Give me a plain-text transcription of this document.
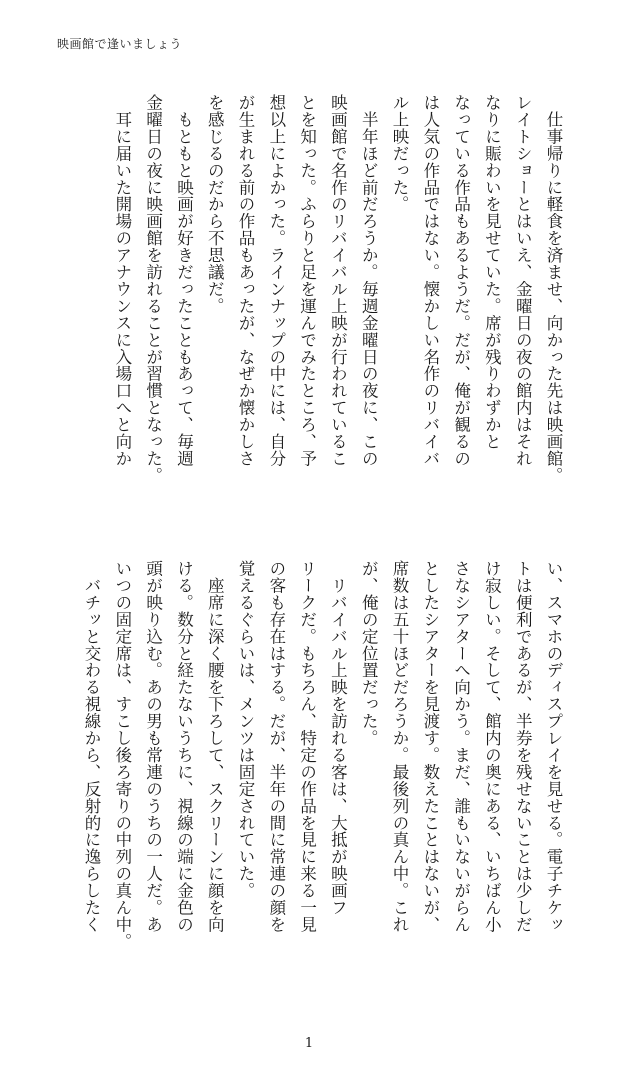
映画館で逢いましょう

　仕事帰りに軽食を済ませ、向かった先は映画館。
レイトショーとはいえ、金曜日の夜の館内はそれ
なりに賑わいを見せていた。席が残りわずかと
なっている作品もあるようだ。だが、俺が観るの
は人気の作品ではない。懐かしい名作のリバイバ
ル上映だった。

　半年ほど前だろうか。毎週金曜日の夜に、この
映画館で名作のリバイバル上映が行われているこ
とを知った。ふらりと足を運んでみたところ、予
想以上によかった。ラインナップの中には、自分
が生まれる前の作品もあったが、なぜか懐かしさ
を感じるのだから不思議だ。

　もともと映画が好きだったこともあって、毎週
金曜日の夜に映画館を訪れることが習慣となった。

　耳に届いた開場のアナウンスに入場口へと向か

い、スマホのディスプレイを見せる。電子チケッ
トは便利であるが、半券を残せないことは少しだ
け寂しい。そして、館内の奥にある、いちばん小
さなシアターへ向かう。まだ、誰もいないがらん
としたシアターを見渡す。数えたことはないが、
席数は五十ほどだろうか。最後列の真ん中。これ
が、俺の定位置だった。

　リバイバル上映を訪れる客は、大抵が映画フ
リークだ。もちろん、特定の作品を見に来る一見
の客も存在はする。だが、半年の間に常連の顔を
覚えるぐらいは、メンツは固定されていた。

　座席に深く腰を下ろして、スクリーンに顔を向
ける。数分と経たないうちに、視線の端に金色の
頭が映り込む。あの男も常連のうちの一人だ。あ
いつの固定席は、すこし後ろ寄りの中列の真ん中。

　バチッと交わる視線から、反射的に逸らしたく

1
